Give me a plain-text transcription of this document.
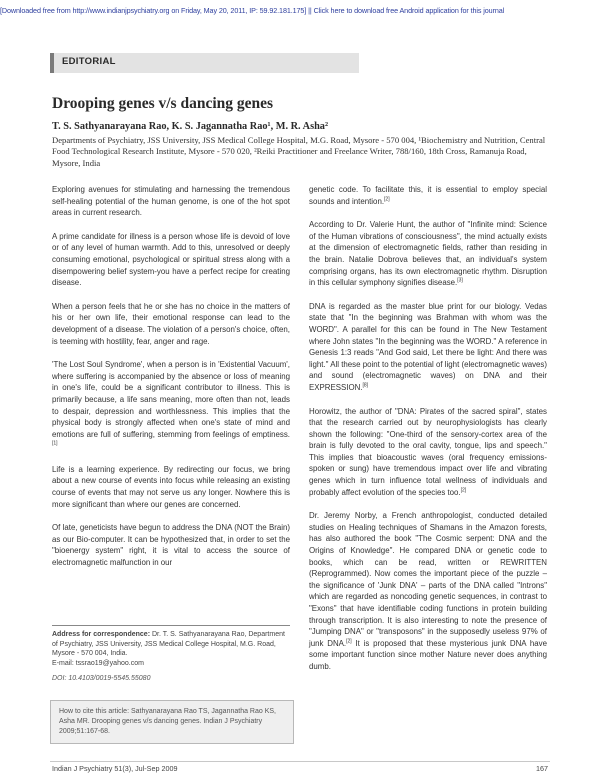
[Downloaded free from http://www.indianjpsychiatry.org on Friday, May 20, 2011, IP: 59.92.181.175] || Click here to download free Android application for this journal
EDITORIAL
Drooping genes v/s dancing genes
T. S. Sathyanarayana Rao, K. S. Jagannatha Rao¹, M. R. Asha²
Departments of Psychiatry, JSS University, JSS Medical College Hospital, M.G. Road, Mysore - 570 004, ¹Biochemistry and Nutrition, Central Food Technological Research Institute, Mysore - 570 020, ²Reiki Practitioner and Freelance Writer, 788/160, 18th Cross, Ramanuja Road, Mysore, India

Exploring avenues for stimulating and harnessing the tremendous self-healing potential of the human genome, is one of the hot spot areas in current research.

A prime candidate for illness is a person whose life is devoid of love or of any level of human warmth. Add to this, unresolved or deeply consuming emotional, psychological or spiritual stress along with a disempowering belief system-you have a perfect recipe for creating disease.

When a person feels that he or she has no choice in the matters of his or her own life, their emotional response can lead to the development of a disease. The violation of a person's choice, often, is teeming with hostility, fear, anger and rage.

'The Lost Soul Syndrome', when a person is in 'Existential Vacuum', where suffering is accompanied by the absence or loss of meaning in one's life, could be a significant contributor to illness. This is primarily because, a life sans meaning, more often than not, leads to despair, depression and worthlessness. This implies that the physical body is strongly affected when one's state of mind and emotions are full of suffering, stemming from feelings of emptiness.[1]

Life is a learning experience. By redirecting our focus, we bring about a new course of events into focus while releasing an existing course of events that may not serve us any longer. Nowhere this is more significant than where our genes are concerned.

Of late, geneticists have begun to address the DNA (NOT the Brain) as our Bio-computer. It can be hypothesized that, in order to set the "bioenergy system" right, it is vital to access the source of electromagnetic malfunction in our

genetic code. To facilitate this, it is essential to employ special sounds and intention.[2]

According to Dr. Valerie Hunt, the author of "Infinite mind: Science of the Human vibrations of consciousness", the mind actually exists at the dimension of electromagnetic fields, rather than residing in the brain. Natalie Dobrova believes that, an individual's system comprising organs, has its own electromagnetic rhythm. Disruption in this cellular symphony signifies disease.[3]

DNA is regarded as the master blue print for our biology. Vedas state that "In the beginning was Brahman with whom was the WORD". A parallel for this can be found in The New Testament where John states "In the beginning was the WORD." A reference in Genesis 1:3 reads "And God said, Let there be light: And there was light." All these point to the potential of light (electromagnetic waves) and sound (electromagnetic waves) on DNA and their EXPRESSION.[8]

Horowitz, the author of "DNA: Pirates of the sacred spiral", states that the research carried out by neurophysiologists has clearly shown the following: "One-third of the sensory-cortex area of the brain is fully devoted to the oral cavity, tongue, lips and speech." This implies that bioacoustic waves (oral frequency emissions- spoken or sung) have tremendous impact over life and vibrating genes which in turn influence total wellness of individuals and probably affect evolution of the species too.[2]

Dr. Jeremy Norby, a French anthropologist, conducted detailed studies on Healing techniques of Shamans in the Amazon forests, has also authored the book "The Cosmic serpent: DNA and the Origins of Knowledge". He compared DNA or genetic code to books, which can be read, written or REWRITTEN (Reprogrammed). Now comes the important piece of the puzzle – the significance of 'Junk DNA' – parts of the DNA called "Introns" which are regarded as noncoding genetic sequences, in contrast to "Exons" that have identifiable coding functions in protein building through transcription. It is also interesting to note the presence of "Jumping DNA" or "transposons" in the supposedly useless 97% of junk DNA.[2] It is proposed that these mysterious junk DNA have some important function since mother Nature never does anything dumb.

Address for correspondence: Dr. T. S. Sathyanarayana Rao, Department of Psychiatry, JSS University, JSS Medical College Hospital, M.G. Road, Mysore - 570 004, India.
E-mail: tssrao19@yahoo.com
DOI: 10.4103/0019-5545.55080
How to cite this article: Sathyanarayana Rao TS, Jagannatha Rao KS, Asha MR. Drooping genes v/s dancing genes. Indian J Psychiatry 2009;51:167-68.
Indian J Psychiatry 51(3), Jul-Sep 2009	167
